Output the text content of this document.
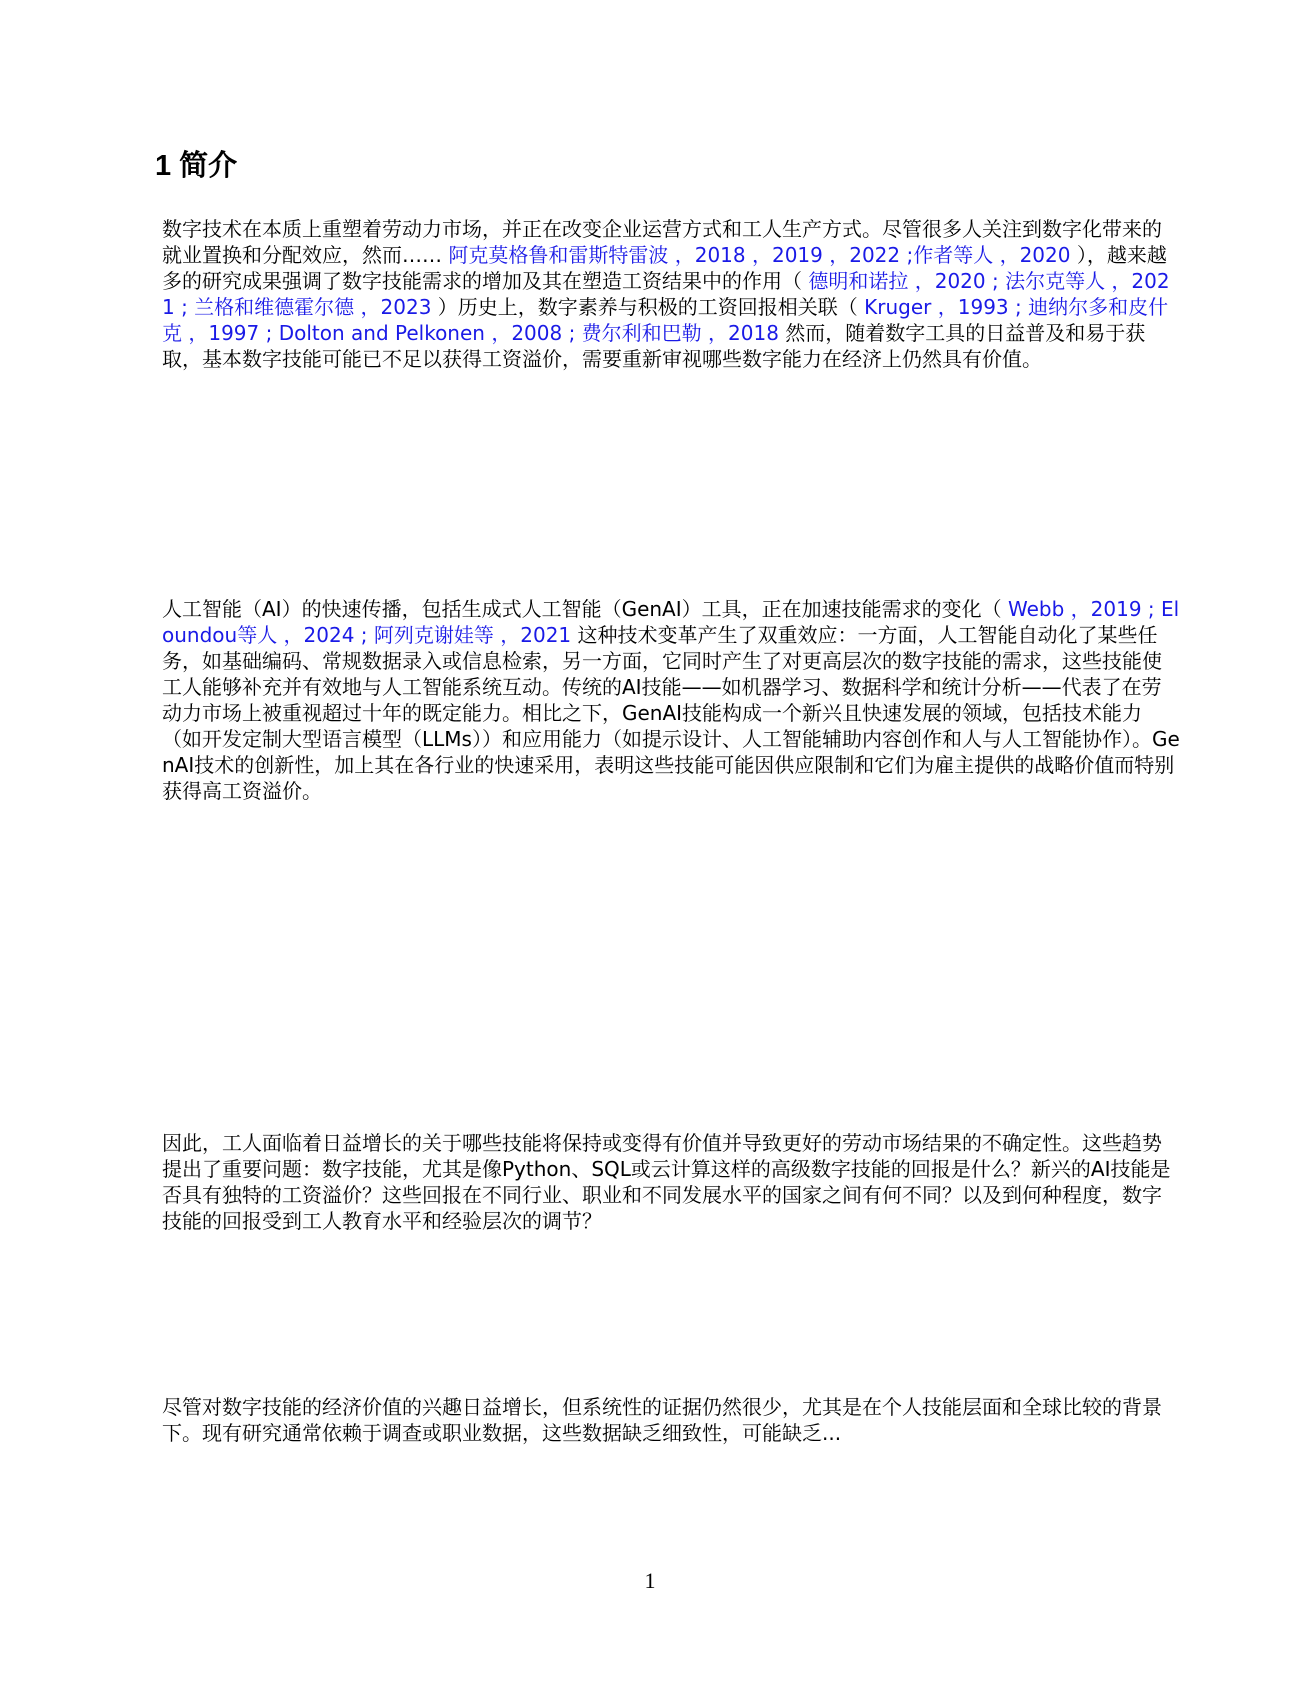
1 简介

数字技术在本质上重塑着劳动力市场，并正在改变企业运营方式和工人生产方式。尽管很多人关注到数字化带来的就业置换和分配效应，然而…… 阿克莫格鲁和雷斯特雷波 ，2018 ，2019 ，2022 ;作者等人 ，2020 ），越来越多的研究成果强调了数字技能需求的增加及其在塑造工资结果中的作用（ 德明和诺拉 ，2020 ; 法尔克等人 ，2021 ; 兰格和维德霍尔德 ，2023 ）历史上，数字素养与积极的工资回报相关联（ Kruger ，1993 ; 迪纳尔多和皮什克 ，1997 ; Dolton and Pelkonen ，2008 ; 费尔利和巴勒 ，2018 然而，随着数字工具的日益普及和易于获取，基本数字技能可能已不足以获得工资溢价，需要重新审视哪些数字能力在经济上仍然具有价值。

人工智能（AI）的快速传播，包括生成式人工智能（GenAI）工具，正在加速技能需求的变化（ Webb ，2019 ; Eloundou等人 ，2024 ; 阿列克谢娃等 ，2021 这种技术变革产生了双重效应：一方面，人工智能自动化了某些任务，如基础编码、常规数据录入或信息检索，另一方面，它同时产生了对更高层次的数字技能的需求，这些技能使工人能够补充并有效地与人工智能系统互动。传统的AI技能——如机器学习、数据科学和统计分析——代表了在劳动力市场上被重视超过十年的既定能力。相比之下，GenAI技能构成一个新兴且快速发展的领域，包括技术能力（如开发定制大型语言模型（LLMs））和应用能力（如提示设计、人工智能辅助内容创作和人与人工智能协作）。GenAI技术的创新性，加上其在各行业的快速采用，表明这些技能可能因供应限制和它们为雇主提供的战略价值而特别获得高工资溢价。

因此，工人面临着日益增长的关于哪些技能将保持或变得有价值并导致更好的劳动市场结果的不确定性。这些趋势提出了重要问题：数字技能，尤其是像Python、SQL或云计算这样的高级数字技能的回报是什么？新兴的AI技能是否具有独特的工资溢价？这些回报在不同行业、职业和不同发展水平的国家之间有何不同？以及到何种程度，数字技能的回报受到工人教育水平和经验层次的调节？

尽管对数字技能的经济价值的兴趣日益增长，但系统性的证据仍然很少，尤其是在个人技能层面和全球比较的背景下。现有研究通常依赖于调查或职业数据，这些数据缺乏细致性，可能缺乏...

1
